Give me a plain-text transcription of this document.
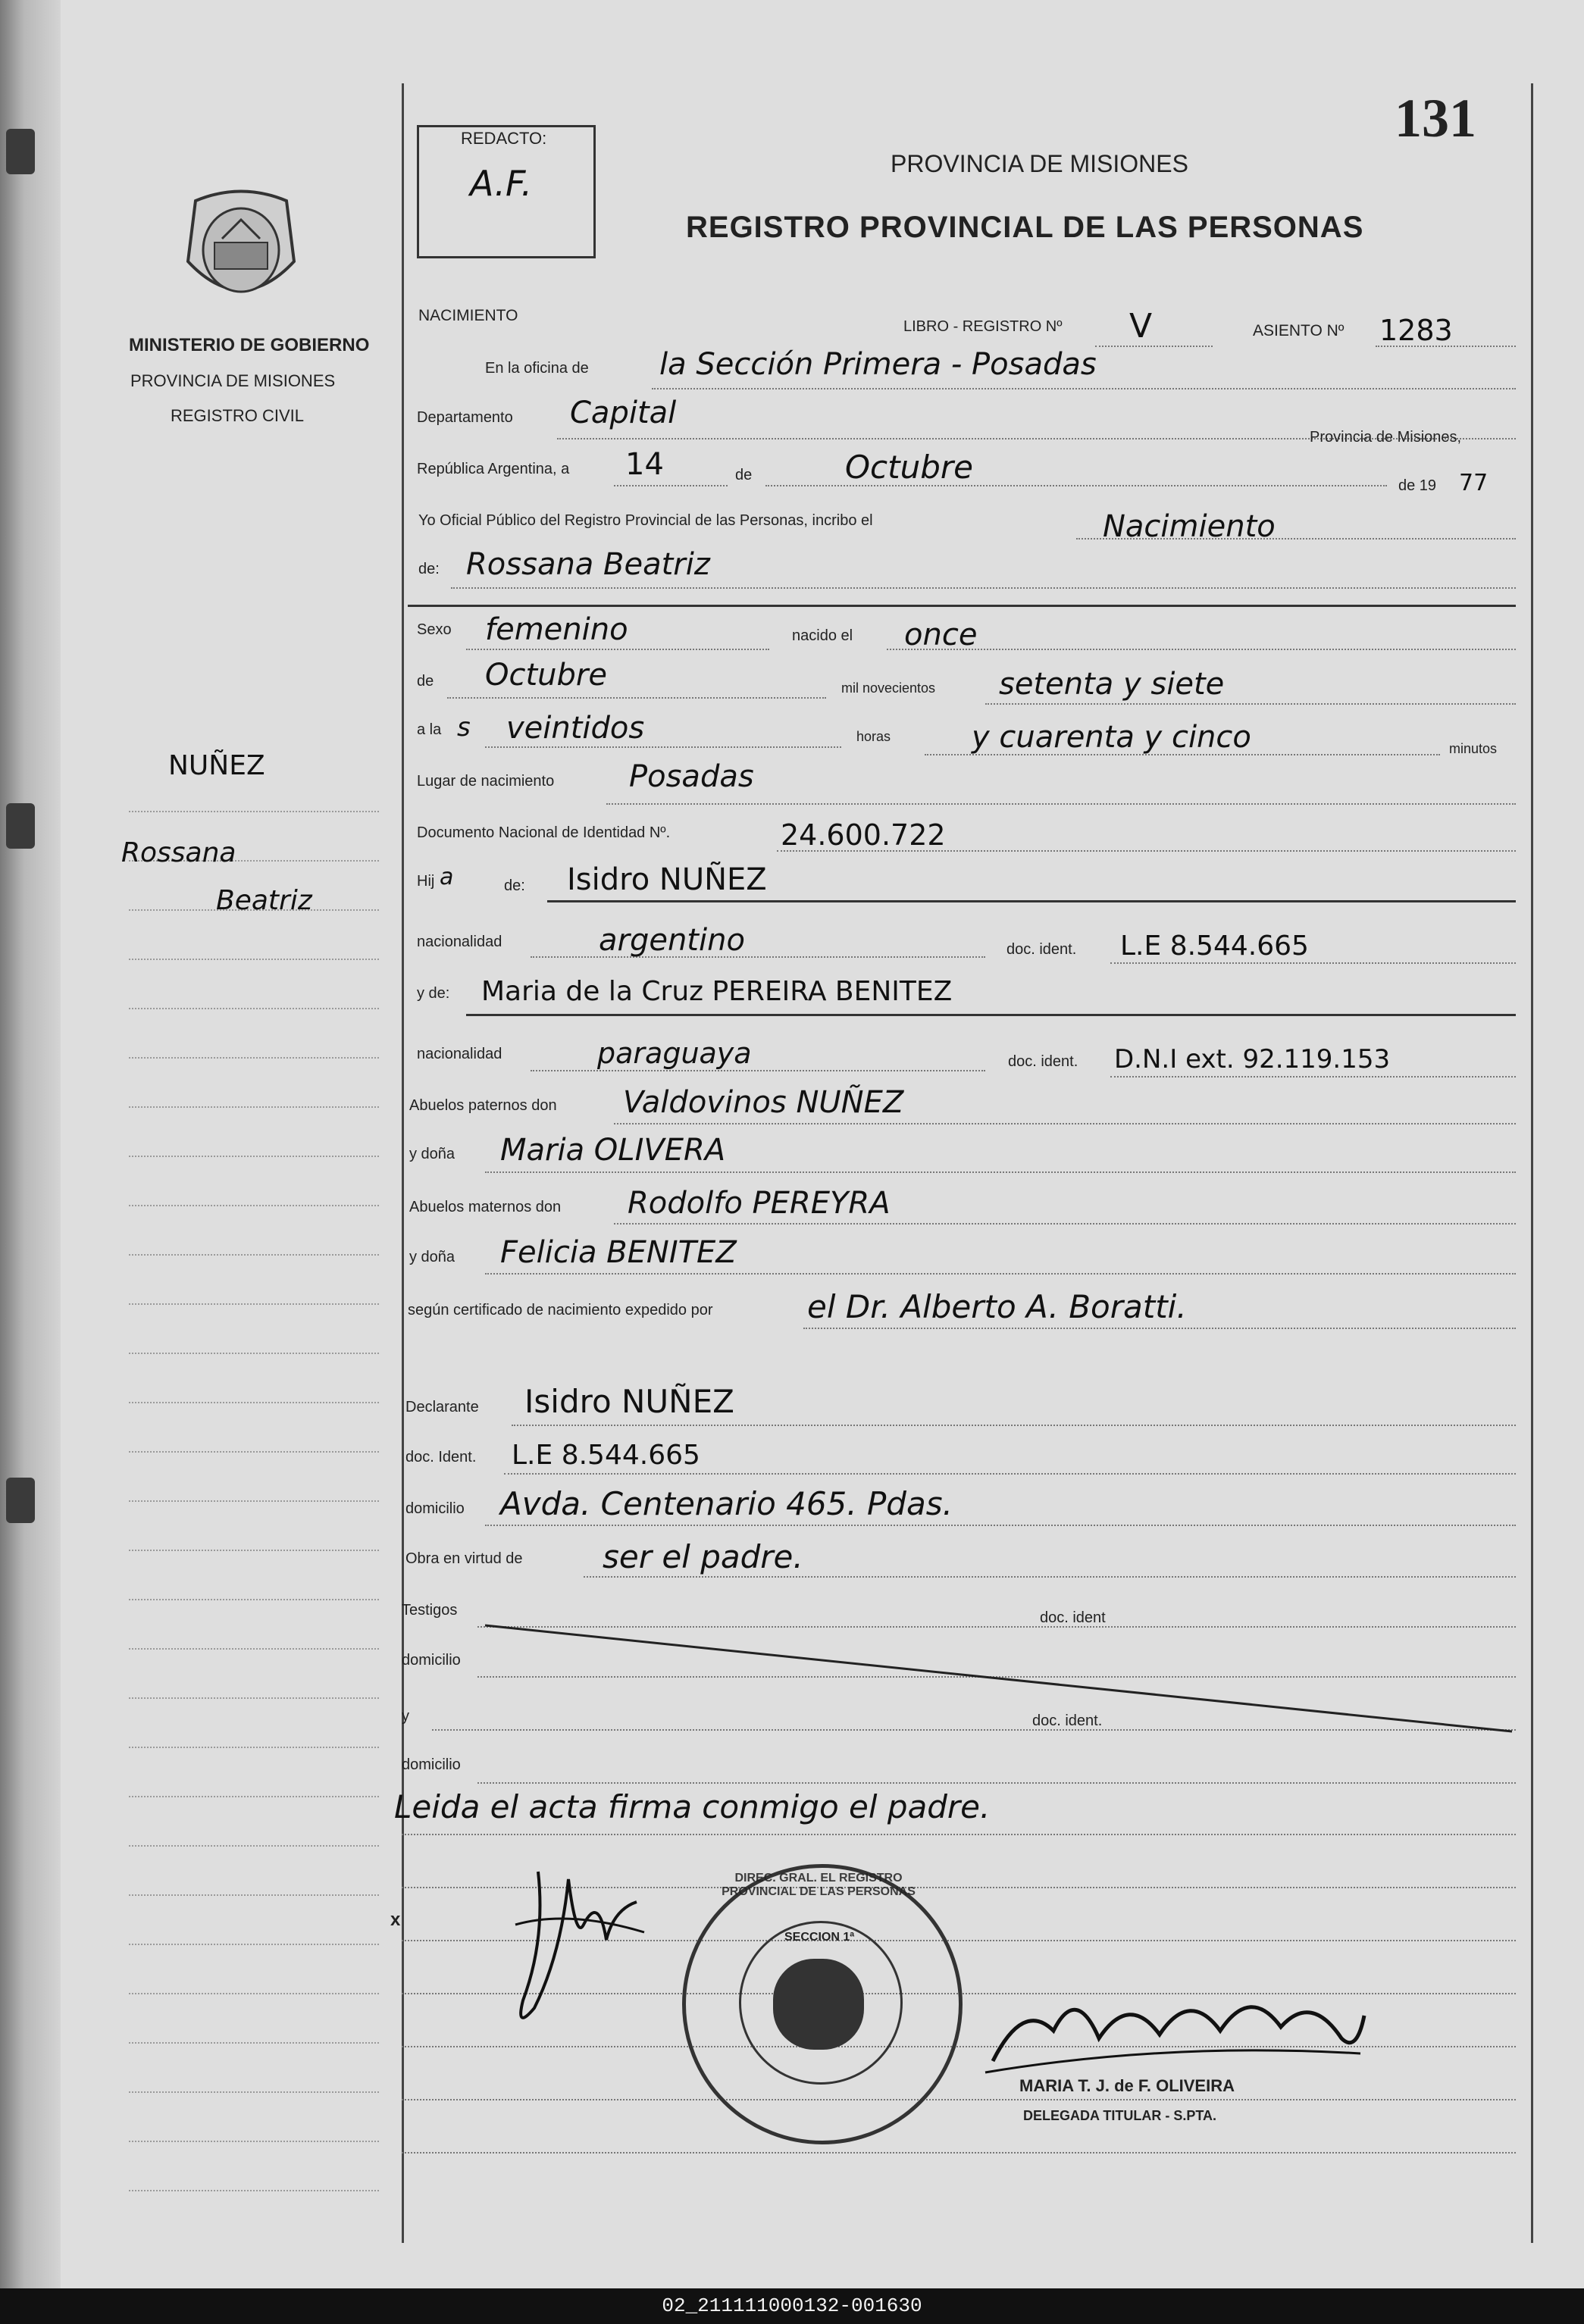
131
REDACTO:
A.F.	PROVINCIA DE MISIONES
REGISTRO PROVINCIAL DE LAS PERSONAS
MINISTERIO DE GOBIERNO
PROVINCIA DE MISIONES
REGISTRO CIVIL
NUÑEZ
Rossana
Beatriz
NACIMIENTO
LIBRO - REGISTRO Nº V	ASIENTO Nº 1283
En la oficina de la Sección Primera - Posadas
Departamento Capital
Provincia de Misiones,
República Argentina, a 14	de	Octubre	de 19 77
Yo Oficial Público del Registro Provincial de las Personas, incribo el	Nacimiento
de: Rossana Beatriz
Sexo femenino	nacido el once
de Octubre	mil novecientos setenta y siete
a la s veintidos	horas	y cuarenta y cinco	minutos
Lugar de nacimiento Posadas
Documento Nacional de Identidad Nº.	24.600.722
Hij a	de: Isidro NUÑEZ
nacionalidad	argentino	doc. ident. L.E 8.544.665
y de: Maria de la Cruz PEREIRA BENITEZ
nacionalidad	paraguaya	doc. ident. D.N.I ext. 92.119.153
Abuelos paternos don Valdovinos NUÑEZ
y doña Maria OLIVERA
Abuelos maternos don Rodolfo PEREYRA
y doña Felicia BENITEZ
según certificado de nacimiento expedido por	el Dr. Alberto A. Boratti.
Declarante Isidro NUÑEZ
doc. Ident. L.E 8.544.665
domicilio Avda. Centenario 465. Pdas.
Obra en virtud de	ser el padre.
Testigos	doc. ident
domicilio
y	doc. ident.
domicilio
Leida el acta firma conmigo el padre.
x
DIREC. GRAL. EL REGISTRO PROVINCIAL DE LAS PERSONAS
SECCION 1ª
MARIA T. J. de F. OLIVEIRA
DELEGADA TITULAR - S.PTA.
02_211111000132-001630
